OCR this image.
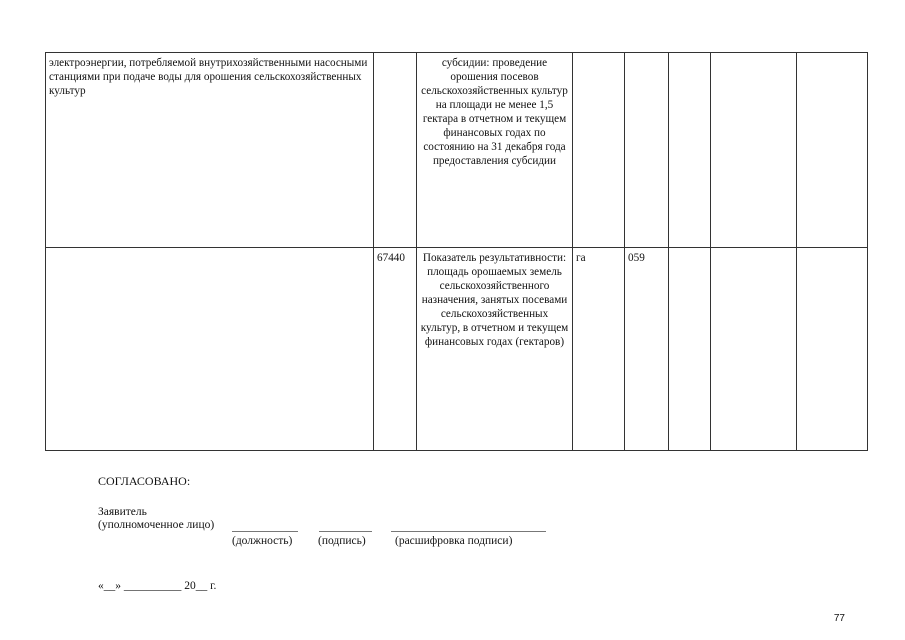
электроэнергии, потребляемой внутрихозяйственными насосными станциями при подаче воды для орошения сельскохозяйственных культур		субсидии: проведение орошения посевов сельскохозяйственных культур на площади не менее 1,5 гектара в отчетном и текущем финансовых годах по состоянию на 31 декабря года предоставления субсидии					
	67440	Показатель результативности: площадь орошаемых земель сельскохозяйственного назначения, занятых посевами сельскохозяйственных культур, в отчетном и текущем финансовых годах (гектаров)	га	059			
СОГЛАСОВАНО:
Заявитель
(уполномоченное лицо)
(должность) (подпись)	(расшифровка подписи)
«__» __________ 20__ г.
77
